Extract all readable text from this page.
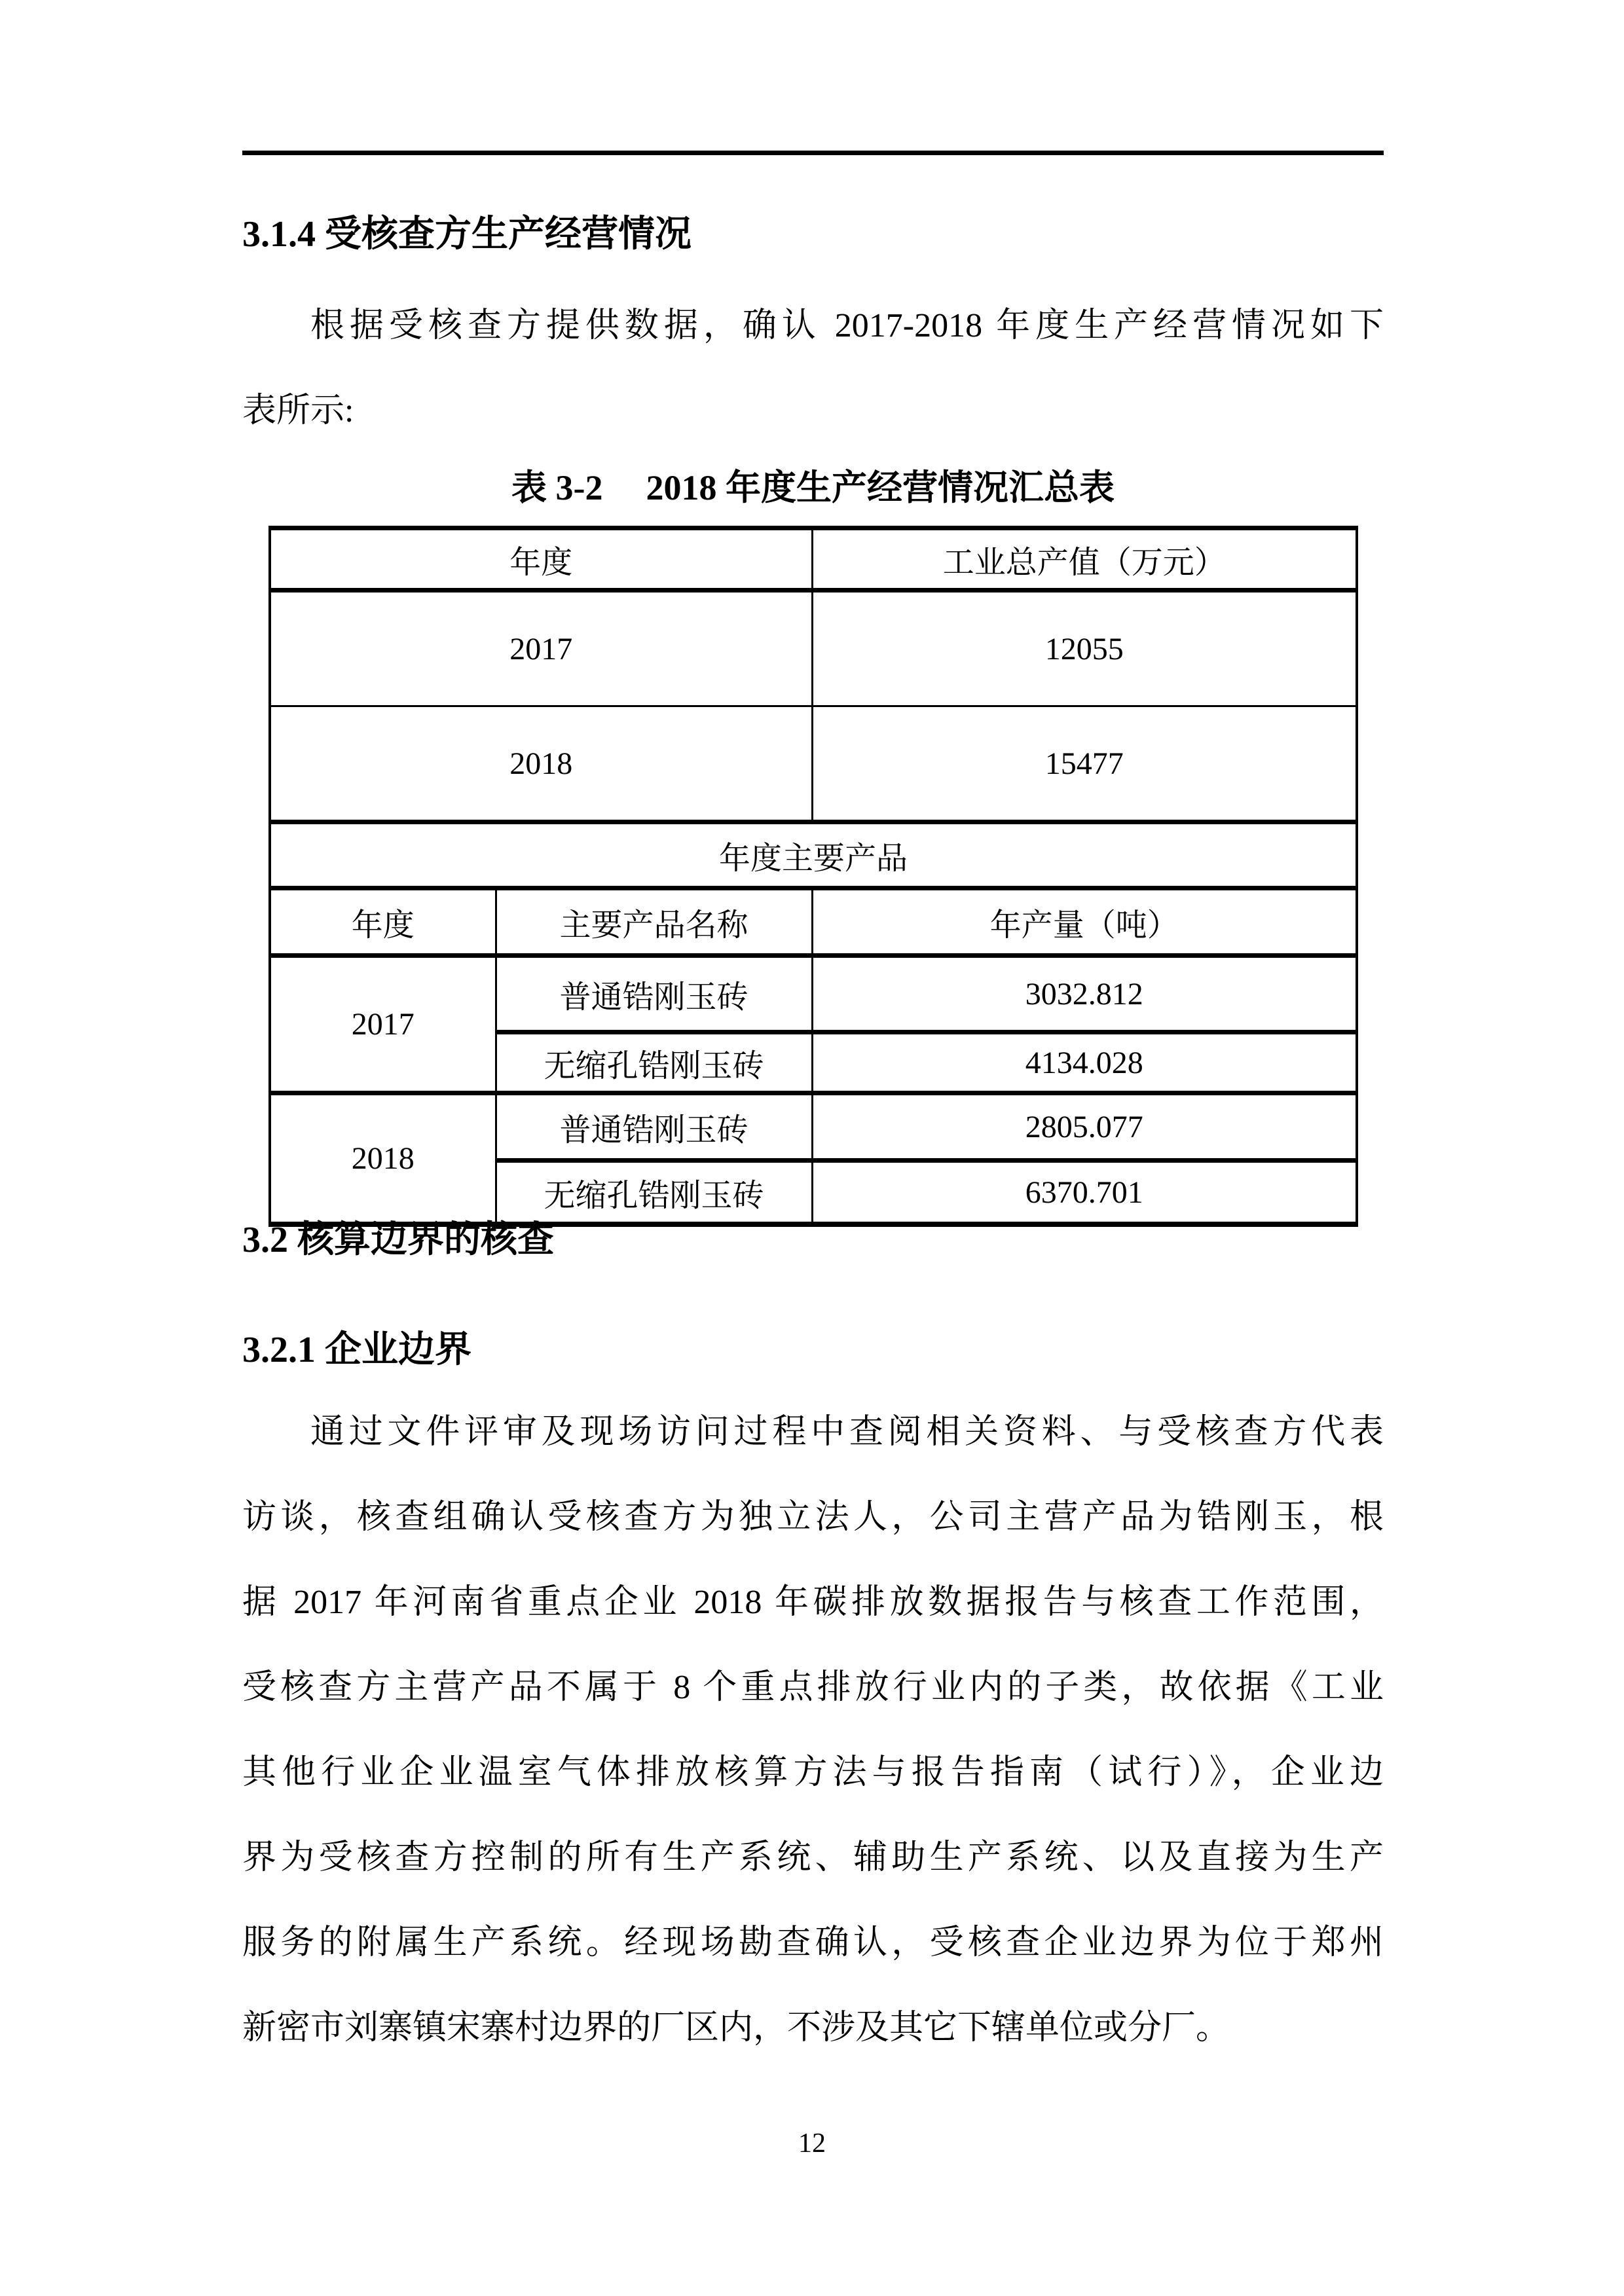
3.1.4 受核查方生产经营情况
根据受核查方提供数据，确认 2017-2018 年度生产经营情况如下
表所示:
表 3-2 2018 年度生产经营情况汇总表
年度		工业总产值（万元）
2017		12055
2018		15477
年度主要产品		
年度	主要产品名称	年产量（吨）
2017	普通锆刚玉砖	3032.812
	无缩孔锆刚玉砖	4134.028
2018	普通锆刚玉砖	2805.077
	无缩孔锆刚玉砖	6370.701
3.2 核算边界的核查
3.2.1 企业边界
通过文件评审及现场访问过程中查阅相关资料、与受核查方代表
访谈，核查组确认受核查方为独立法人，公司主营产品为锆刚玉，根
据 2017 年河南省重点企业 2018 年碳排放数据报告与核查工作范围，
受核查方主营产品不属于 8 个重点排放行业内的子类，故依据《工业
其他行业企业温室气体排放核算方法与报告指南（试行）》，企业边
界为受核查方控制的所有生产系统、辅助生产系统、以及直接为生产
服务的附属生产系统。经现场勘查确认，受核查企业边界为位于郑州
新密市刘寨镇宋寨村边界的厂区内，不涉及其它下辖单位或分厂。
12
